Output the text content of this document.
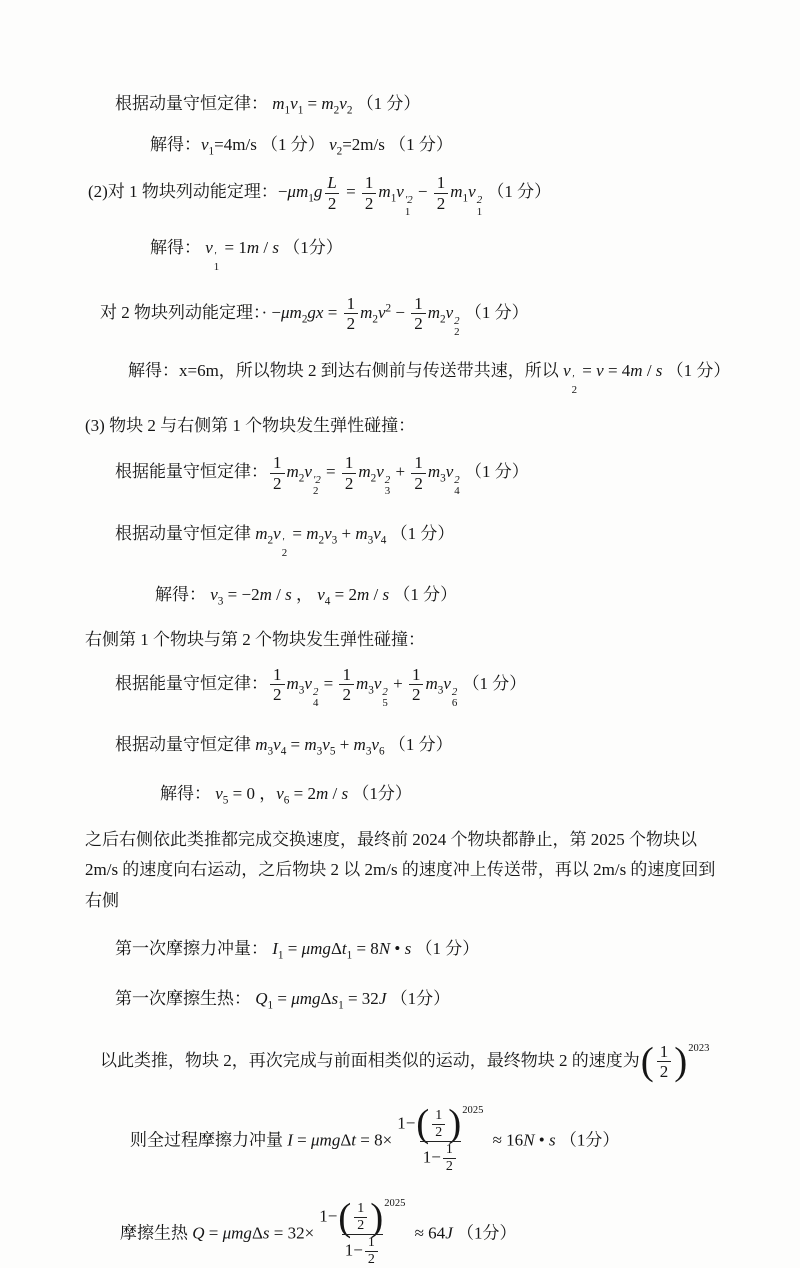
根据动量守恒定律： $m_1v_1 = m_2v_2$ （1 分）
解得：$v_1=4m/s$ （1 分） $v_2=2m/s$ （1 分）
(2)对 1 物块列动能定理：$-\mu m_1g \frac{L}{2} = \frac{1}{2} m_1v$ ′2
1
− $\frac{1}{2} m_1v$ 2
1
（1 分）
解得： v ′
1
= 1m / s （1分）
对 2 物块列动能定理：· $-\mu m_2gx = \frac{1}{2} m_2v^2 - \frac{1}{2} m_2v$ 2
2
（1 分）
解得：x=6m，所以物块 2 到达右侧前与传送带共速，所以 v ′
2
= v = 4m / s （1 分）
(3) 物块 2 与右侧第 1 个物块发生弹性碰撞：
根据能量守恒定律： $\frac{1}{2} m_2v$ ′2
2
= $\frac{1}{2} m_2v$ 2
3
+ $\frac{1}{2} m_3v$ 2
4
（1 分）
根据动量守恒定律 $m_2v$ ′
2
= $m_2v_3 + m_3v_4$ （1 分）
解得： $v_3 = -2m / s$ ， $v_4 = 2m / s$ （1 分）
右侧第 1 个物块与第 2 个物块发生弹性碰撞：
根据能量守恒定律： $\frac{1}{2} m_3v$ 2
4
= $\frac{1}{2} m_3v$ 2
5
+ $\frac{1}{2} m_3v$ 2
6
（1 分）
根据动量守恒定律 $m_3v_4 = m_3v_5 + m_3v_6$ （1 分）
解得： $v_5 = 0$ ，$v_6 = 2m / s$ （1分）
之后右侧依此类推都完成交换速度，最终前 2024 个物块都静止，第 2025 个物块以 2m/s 的速度向右运动，之后物块 2 以 2m/s 的速度冲上传送带，再以 2m/s 的速度回到右侧
第一次摩擦力冲量： $I_1 = \mu mg\Delta t_1 = 8N$ • s （1 分）
第一次摩擦生热： $Q_1 = \mu mg\Delta s_1 = 32J$ （1分）
以此类推，物块 2，再次完成与前面相类似的运动，最终物块 2 的速度为( $\frac{1}{2} )^{2023}$
则全过程摩擦力冲量 $I = \mu mg\Delta t = 8\times \frac{1-( \frac{1}{2} )^{2025}}{1- \frac{1}{2}} \approx 16N$ • s （1分）
摩擦生热 $Q = \mu mg\Delta s = 32\times \frac{1-( \frac{1}{2} )^{2025}}{1- \frac{1}{2}} \approx 64J$ （1分）
